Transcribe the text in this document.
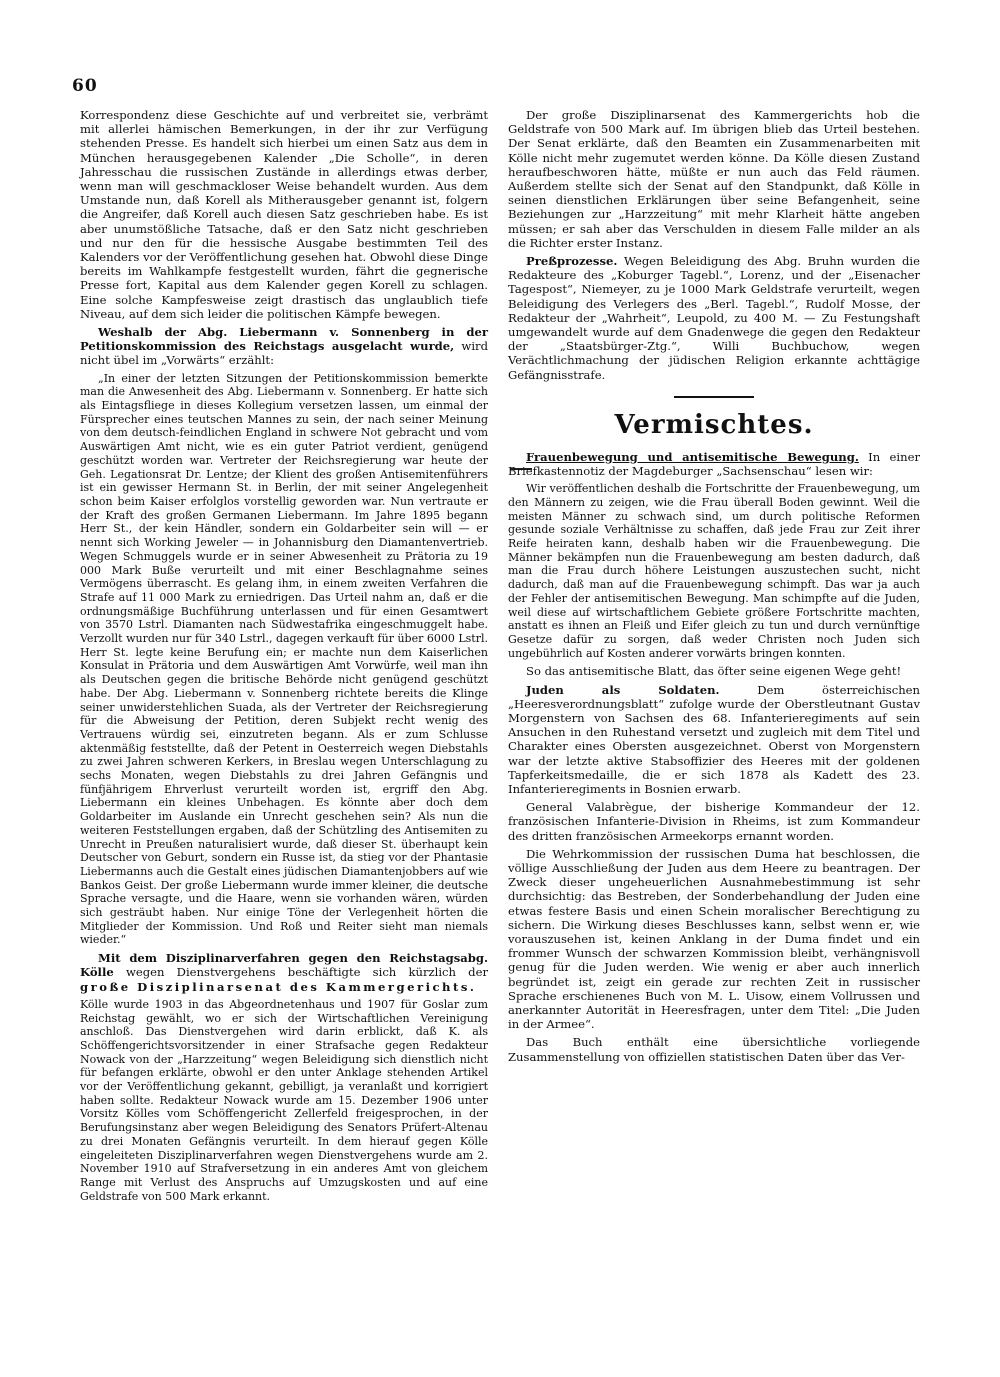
60

Korrespondenz diese Geschichte auf und verbreitet sie, verbrämt mit allerlei hämischen Bemerkungen, in der ihr zur Verfügung stehenden Presse. Es handelt sich hierbei um einen Satz aus dem in München herausgegebenen Kalender „Die Scholle“, in deren Jahresschau die russischen Zustände in allerdings etwas derber, wenn man will geschmackloser Weise behandelt wurden. Aus dem Umstande nun, daß Korell als Mitherausgeber genannt ist, folgern die Angreifer, daß Korell auch diesen Satz geschrieben habe. Es ist aber unumstößliche Tatsache, daß er den Satz nicht geschrieben und nur den für die hessische Ausgabe bestimmten Teil des Kalenders vor der Veröffentlichung gesehen hat. Obwohl diese Dinge bereits im Wahlkampfe festgestellt wurden, fährt die gegnerische Presse fort, Kapital aus dem Kalender gegen Korell zu schlagen. Eine solche Kampfesweise zeigt drastisch das unglaublich tiefe Niveau, auf dem sich leider die politischen Kämpfe bewegen.

Weshalb der Abg. Liebermann v. Sonnenberg in der Petitionskommission des Reichstags ausgelacht wurde, wird nicht übel im „Vorwärts“ erzählt:

„In einer der letzten Sitzungen der Petitionskommission bemerkte man die Anwesenheit des Abg. Liebermann v. Sonnenberg. Er hatte sich als Eintagsfliege in dieses Kollegium versetzen lassen, um einmal der Fürsprecher eines teutschen Mannes zu sein, der nach seiner Meinung von dem deutsch-feindlichen England in schwere Not gebracht und vom Auswärtigen Amt nicht, wie es ein guter Patriot verdient, genügend geschützt worden war. Vertreter der Reichsregierung war heute der Geh. Legationsrat Dr. Lentze; der Klient des großen Antisemitenführers ist ein gewisser Hermann St. in Berlin, der mit seiner Angelegenheit schon beim Kaiser erfolglos vorstellig geworden war. Nun vertraute er der Kraft des großen Germanen Liebermann. Im Jahre 1895 begann Herr St., der kein Händler, sondern ein Goldarbeiter sein will — er nennt sich Working Jeweler — in Johannisburg den Diamantenvertrieb. Wegen Schmuggels wurde er in seiner Abwesenheit zu Prätoria zu 19 000 Mark Buße verurteilt und mit einer Beschlagnahme seines Vermögens überrascht. Es gelang ihm, in einem zweiten Verfahren die Strafe auf 11 000 Mark zu erniedrigen. Das Urteil nahm an, daß er die ordnungsmäßige Buchführung unterlassen und für einen Gesamtwert von 3570 Lstrl. Diamanten nach Südwestafrika eingeschmuggelt habe. Verzollt wurden nur für 340 Lstrl., dagegen verkauft für über 6000 Lstrl. Herr St. legte keine Berufung ein; er machte nun dem Kaiserlichen Konsulat in Prätoria und dem Auswärtigen Amt Vorwürfe, weil man ihn als Deutschen gegen die britische Behörde nicht genügend geschützt habe. Der Abg. Liebermann v. Sonnenberg richtete bereits die Klinge seiner unwiderstehlichen Suada, als der Vertreter der Reichsregierung für die Abweisung der Petition, deren Subjekt recht wenig des Vertrauens würdig sei, einzutreten begann. Als er zum Schlusse aktenmäßig feststellte, daß der Petent in Oesterreich wegen Diebstahls zu zwei Jahren schweren Kerkers, in Breslau wegen Unterschlagung zu sechs Monaten, wegen Diebstahls zu drei Jahren Gefängnis und fünfjährigem Ehrverlust verurteilt worden ist, ergriff den Abg. Liebermann ein kleines Unbehagen. Es könnte aber doch dem Goldarbeiter im Auslande ein Unrecht geschehen sein? Als nun die weiteren Feststellungen ergaben, daß der Schützling des Antisemiten zu Unrecht in Preußen naturalisiert wurde, daß dieser St. überhaupt kein Deutscher von Geburt, sondern ein Russe ist, da stieg vor der Phantasie Liebermanns auch die Gestalt eines jüdischen Diamantenjobbers auf wie Bankos Geist. Der große Liebermann wurde immer kleiner, die deutsche Sprache versagte, und die Haare, wenn sie vorhanden wären, würden sich gesträubt haben. Nur einige Töne der Verlegenheit hörten die Mitglieder der Kommission. Und Roß und Reiter sieht man niemals wieder.“

Mit dem Disziplinarverfahren gegen den Reichstagsabg. Kölle wegen Dienstvergehens beschäftigte sich kürzlich der große Disziplinarsenat des Kammergerichts.

Kölle wurde 1903 in das Abgeordnetenhaus und 1907 für Goslar zum Reichstag gewählt, wo er sich der Wirtschaftlichen Vereinigung anschloß. Das Dienstvergehen wird darin erblickt, daß K. als Schöffengerichtsvorsitzender in einer Strafsache gegen Redakteur Nowack von der „Harzzeitung“ wegen Beleidigung sich dienstlich nicht für befangen erklärte, obwohl er den unter Anklage stehenden Artikel vor der Veröffentlichung gekannt, gebilligt, ja veranlaßt und korrigiert haben sollte. Redakteur Nowack wurde am 15. Dezember 1906 unter Vorsitz Kölles vom Schöffengericht Zellerfeld freigesprochen, in der Berufungsinstanz aber wegen Beleidigung des Senators Prüfert-Altenau zu drei Monaten Gefängnis verurteilt. In dem hierauf gegen Kölle eingeleiteten Disziplinarverfahren wegen Dienstvergehens wurde am 2. November 1910 auf Strafversetzung in ein anderes Amt von gleichem Range mit Verlust des Anspruchs auf Umzugskosten und auf eine Geldstrafe von 500 Mark erkannt.

Der große Disziplinarsenat des Kammergerichts hob die Geldstrafe von 500 Mark auf. Im übrigen blieb das Urteil bestehen. Der Senat erklärte, daß den Beamten ein Zusammenarbeiten mit Kölle nicht mehr zugemutet werden könne. Da Kölle diesen Zustand heraufbeschworen hätte, müßte er nun auch das Feld räumen. Außerdem stellte sich der Senat auf den Standpunkt, daß Kölle in seinen dienstlichen Erklärungen über seine Befangenheit, seine Beziehungen zur „Harzzeitung“ mit mehr Klarheit hätte angeben müssen; er sah aber das Verschulden in diesem Falle milder an als die Richter erster Instanz.

Preßprozesse. Wegen Beleidigung des Abg. Bruhn wurden die Redakteure des „Koburger Tagebl.“, Lorenz, und der „Eisenacher Tagespost“, Niemeyer, zu je 1000 Mark Geldstrafe verurteilt, wegen Beleidigung des Verlegers des „Berl. Tagebl.“, Rudolf Mosse, der Redakteur der „Wahrheit“, Leupold, zu 400 M. — Zu Festungshaft umgewandelt wurde auf dem Gnadenwege die gegen den Redakteur der „Staatsbürger-Ztg.“, Willi Buchbuchow, wegen Verächtlichmachung der jüdischen Religion erkannte achttägige Gefängnisstrafe.

Vermischtes.

Frauenbewegung und antisemitische Bewegung. In einer Briefkastennotiz der Magdeburger „Sachsenschau“ lesen wir:

Wir veröffentlichen deshalb die Fortschritte der Frauenbewegung, um den Männern zu zeigen, wie die Frau überall Boden gewinnt. Weil die meisten Männer zu schwach sind, um durch politische Reformen gesunde soziale Verhältnisse zu schaffen, daß jede Frau zur Zeit ihrer Reife heiraten kann, deshalb haben wir die Frauenbewegung. Die Männer bekämpfen nun die Frauenbewegung am besten dadurch, daß man die Frau durch höhere Leistungen auszustechen sucht, nicht dadurch, daß man auf die Frauenbewegung schimpft. Das war ja auch der Fehler der antisemitischen Bewegung. Man schimpfte auf die Juden, weil diese auf wirtschaftlichem Gebiete größere Fortschritte machten, anstatt es ihnen an Fleiß und Eifer gleich zu tun und durch vernünftige Gesetze dafür zu sorgen, daß weder Christen noch Juden sich ungebührlich auf Kosten anderer vorwärts bringen konnten.

So das antisemitische Blatt, das öfter seine eigenen Wege geht!

Juden als Soldaten. Dem österreichischen „Heeresverordnungsblatt“ zufolge wurde der Oberstleutnant Gustav Morgenstern von Sachsen des 68. Infanterieregiments auf sein Ansuchen in den Ruhestand versetzt und zugleich mit dem Titel und Charakter eines Obersten ausgezeichnet. Oberst von Morgenstern war der letzte aktive Stabsoffizier des Heeres mit der goldenen Tapferkeitsmedaille, die er sich 1878 als Kadett des 23. Infanterieregiments in Bosnien erwarb.

General Valabrègue, der bisherige Kommandeur der 12. französischen Infanterie-Division in Rheims, ist zum Kommandeur des dritten französischen Armeekorps ernannt worden.

Die Wehrkommission der russischen Duma hat beschlossen, die völlige Ausschließung der Juden aus dem Heere zu beantragen. Der Zweck dieser ungeheuerlichen Ausnahmebestimmung ist sehr durchsichtig: das Bestreben, der Sonderbehandlung der Juden eine etwas festere Basis und einen Schein moralischer Berechtigung zu sichern. Die Wirkung dieses Beschlusses kann, selbst wenn er, wie vorauszusehen ist, keinen Anklang in der Duma findet und ein frommer Wunsch der schwarzen Kommission bleibt, verhängnisvoll genug für die Juden werden. Wie wenig er aber auch innerlich begründet ist, zeigt ein gerade zur rechten Zeit in russischer Sprache erschienenes Buch von M. L. Uisow, einem Vollrussen und anerkannter Autorität in Heeresfragen, unter dem Titel: „Die Juden in der Armee“.

Das Buch enthält eine übersichtliche vorliegende Zusammenstellung von offiziellen statistischen Daten über das Ver-
